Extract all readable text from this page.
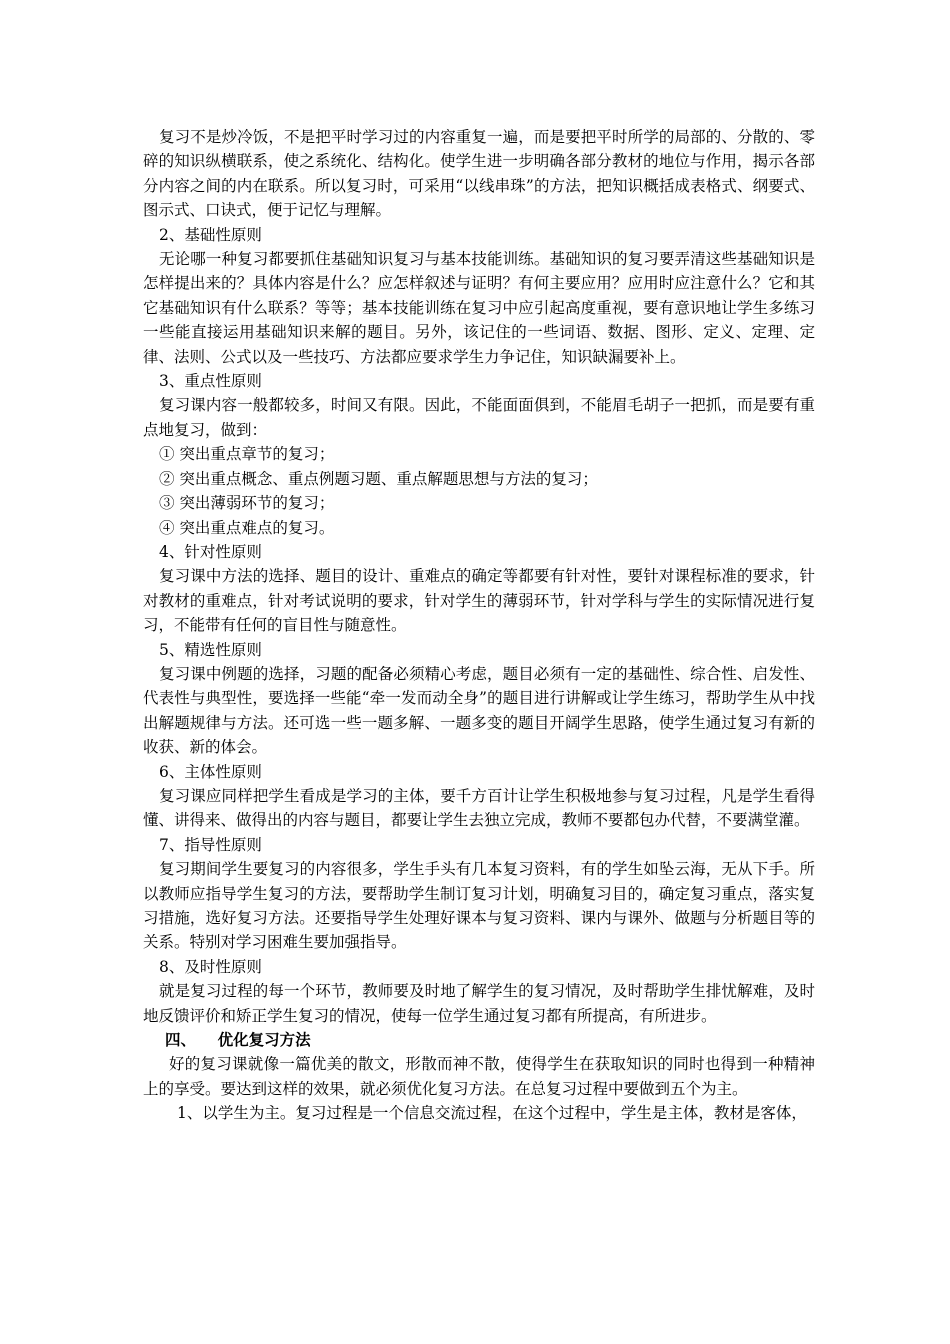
复习不是炒冷饭，不是把平时学习过的内容重复一遍，而是要把平时所学的局部的、分散的、零碎的知识纵横联系，使之系统化、结构化。使学生进一步明确各部分教材的地位与作用，揭示各部分内容之间的内在联系。所以复习时，可采用“以线串珠”的方法，把知识概括成表格式、纲要式、图示式、口诀式，便于记忆与理解。

2、基础性原则

无论哪一种复习都要抓住基础知识复习与基本技能训练。基础知识的复习要弄清这些基础知识是怎样提出来的？具体内容是什么？应怎样叙述与证明？有何主要应用？应用时应注意什么？它和其它基础知识有什么联系？等等；基本技能训练在复习中应引起高度重视，要有意识地让学生多练习一些能直接运用基础知识来解的题目。另外，该记住的一些词语、数据、图形、定义、定理、定律、法则、公式以及一些技巧、方法都应要求学生力争记住，知识缺漏要补上。

3、重点性原则

复习课内容一般都较多，时间又有限。因此，不能面面俱到，不能眉毛胡子一把抓，而是要有重点地复习，做到：

① 突出重点章节的复习；

② 突出重点概念、重点例题习题、重点解题思想与方法的复习；

③ 突出薄弱环节的复习；

④ 突出重点难点的复习。

4、针对性原则

复习课中方法的选择、题目的设计、重难点的确定等都要有针对性，要针对课程标准的要求，针对教材的重难点，针对考试说明的要求，针对学生的薄弱环节，针对学科与学生的实际情况进行复习，不能带有任何的盲目性与随意性。

5、精选性原则

复习课中例题的选择，习题的配备必须精心考虑，题目必须有一定的基础性、综合性、启发性、代表性与典型性，要选择一些能“牵一发而动全身”的题目进行讲解或让学生练习，帮助学生从中找出解题规律与方法。还可选一些一题多解、一题多变的题目开阔学生思路，使学生通过复习有新的收获、新的体会。

6、主体性原则

复习课应同样把学生看成是学习的主体，要千方百计让学生积极地参与复习过程，凡是学生看得懂、讲得来、做得出的内容与题目，都要让学生去独立完成，教师不要都包办代替，不要满堂灌。

7、指导性原则

复习期间学生要复习的内容很多，学生手头有几本复习资料，有的学生如坠云海，无从下手。所以教师应指导学生复习的方法，要帮助学生制订复习计划，明确复习目的，确定复习重点，落实复习措施，选好复习方法。还要指导学生处理好课本与复习资料、课内与课外、做题与分析题目等的关系。特别对学习困难生要加强指导。

8、及时性原则

就是复习过程的每一个环节，教师要及时地了解学生的复习情况，及时帮助学生排忧解难，及时地反馈评价和矫正学生复习的情况，使每一位学生通过复习都有所提高，有所进步。

四、    优化复习方法

好的复习课就像一篇优美的散文，形散而神不散，使得学生在获取知识的同时也得到一种精神上的享受。要达到这样的效果，就必须优化复习方法。在总复习过程中要做到五个为主。

1、以学生为主。复习过程是一个信息交流过程，在这个过程中，学生是主体，教材是客体，
